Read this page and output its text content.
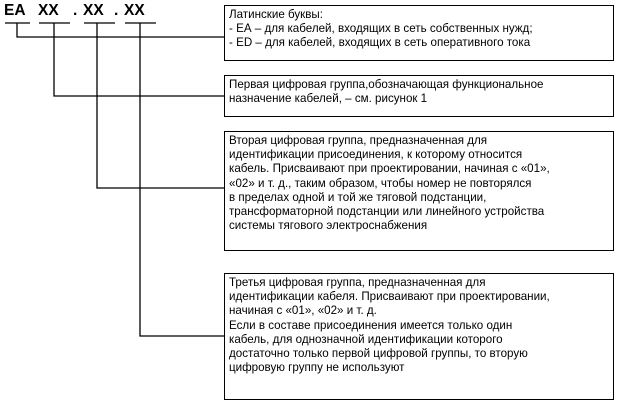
EA XX . XX . XX	Латинские буквы:
- ЕА – для кабелей, входящих в сеть собственных нужд;
- ED – для кабелей, входящих в сеть оперативного тока
Первая цифровая группа,обозначающая функциональное
назначение кабелей, – см. рисунок 1
Вторая цифровая группа, предназначенная для
идентификации присоединения, к которому относится
кабель. Присваивают при проектировании, начиная с «01»,
«02» и т. д., таким образом, чтобы номер не повторялся
в пределах одной и той же тяговой подстанции,
трансформаторной подстанции или линейного устройства
системы тягового электроснабжения
Третья цифровая группа, предназначенная для
идентификации кабеля. Присваивают при проектировании,
начиная с «01», «02» и т. д.
Если в составе присоединения имеется только один
кабель, для однозначной идентификации которого
достаточно только первой цифровой группы, то вторую
цифровую группу не используют
